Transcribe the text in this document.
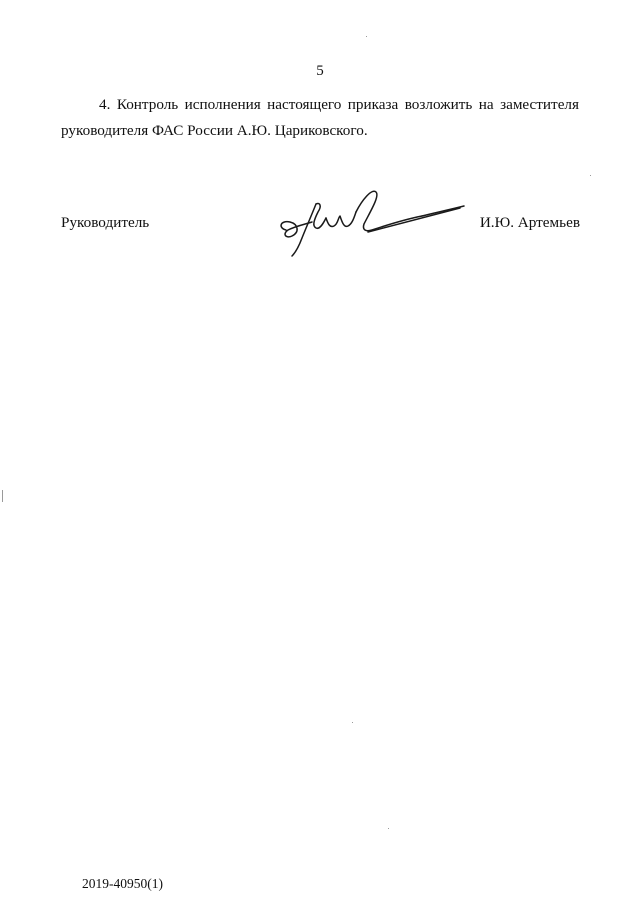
5
4. Контроль исполнения настоящего приказа возложить на заместителя
руководителя ФАС России А.Ю. Цариковского.
Руководитель	И.Ю. Артемьев
2019-40950(1)
